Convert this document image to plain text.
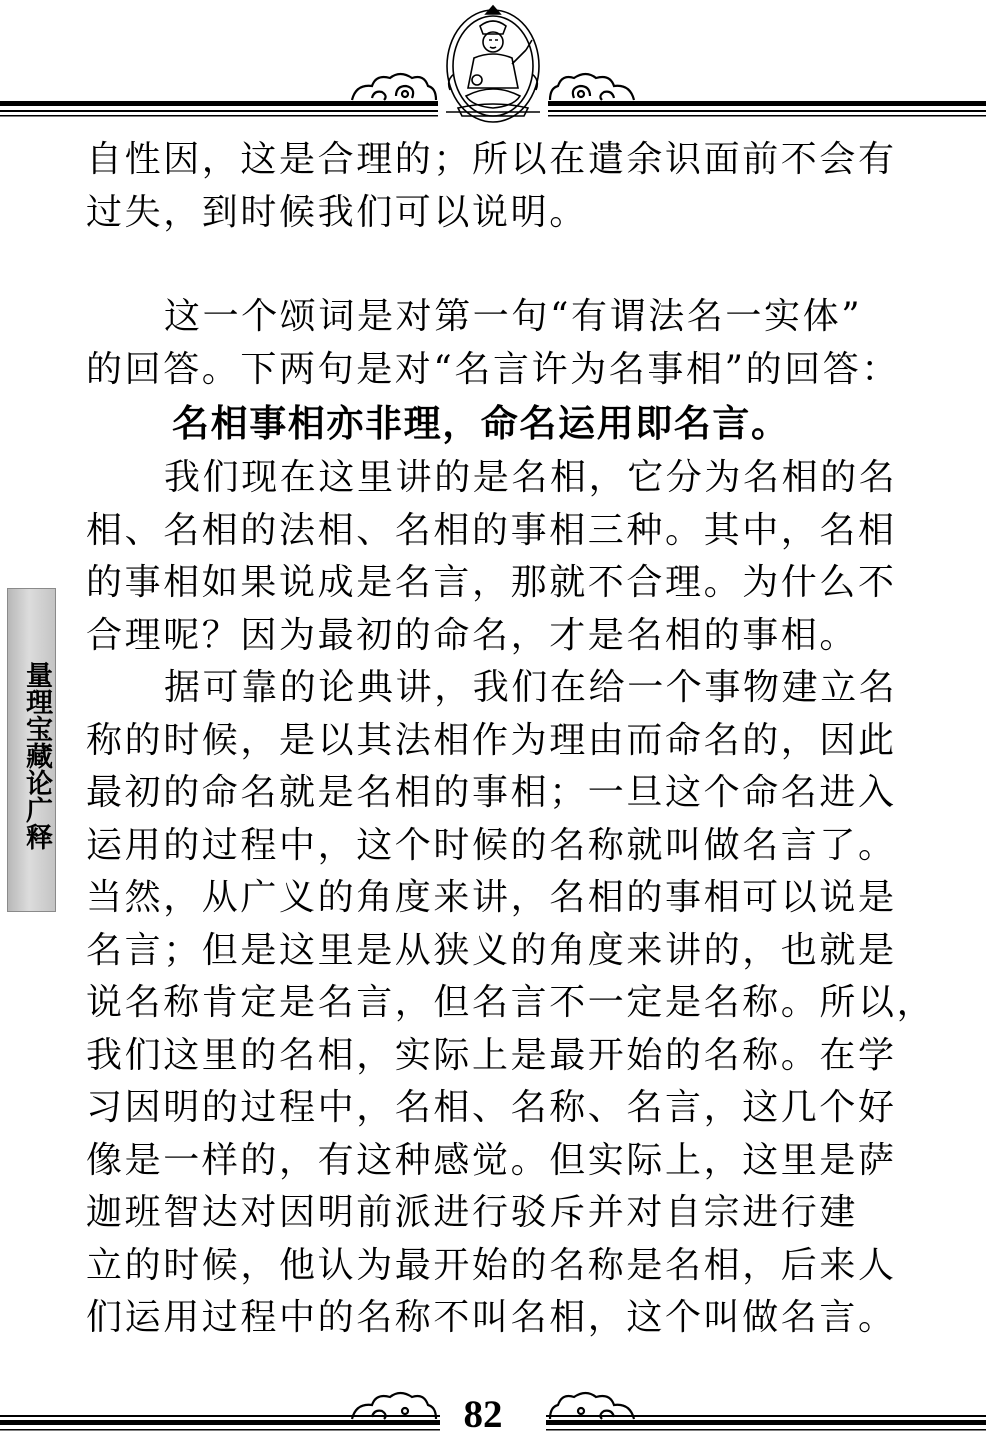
量理宝藏论广释
自性因，这是合理的；所以在遣余识面前不会有
过失，到时候我们可以说明。
这一个颂词是对第一句“有谓法名一实体”
的回答。下两句是对“名言许为名事相”的回答：
名相事相亦非理，命名运用即名言。
我们现在这里讲的是名相，它分为名相的名
相、名相的法相、名相的事相三种。其中，名相
的事相如果说成是名言，那就不合理。为什么不
合理呢？因为最初的命名，才是名相的事相。
据可靠的论典讲，我们在给一个事物建立名
称的时候，是以其法相作为理由而命名的，因此
最初的命名就是名相的事相；一旦这个命名进入
运用的过程中，这个时候的名称就叫做名言了。
当然，从广义的角度来讲，名相的事相可以说是
名言；但是这里是从狭义的角度来讲的，也就是
说名称肯定是名言，但名言不一定是名称。所以，
我们这里的名相，实际上是最开始的名称。在学
习因明的过程中，名相、名称、名言，这几个好
像是一样的，有这种感觉。但实际上，这里是萨
迦班智达对因明前派进行驳斥并对自宗进行建
立的时候，他认为最开始的名称是名相，后来人
们运用过程中的名称不叫名相，这个叫做名言。
82
